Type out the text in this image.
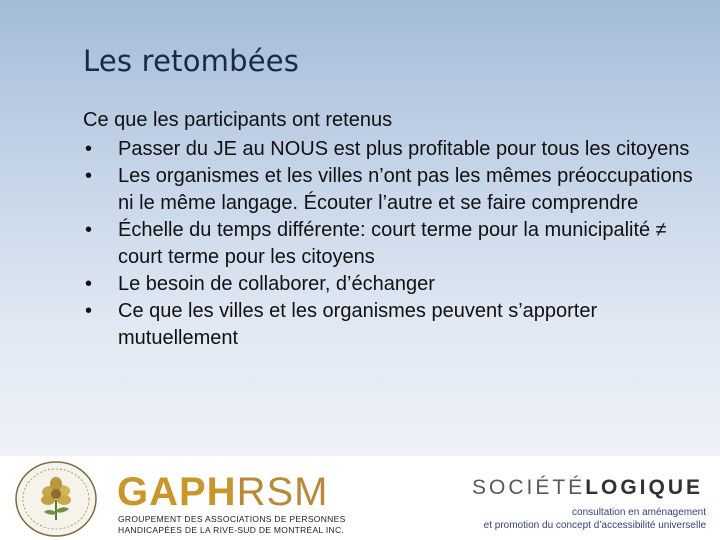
Les retombées
Ce que les participants ont retenus
• Passer du JE au NOUS est plus profitable pour tous les citoyens
• Les organismes et les villes n’ont pas les mêmes préoccupations ni le même langage. Écouter l’autre et se faire comprendre
• Échelle du temps différente: court terme pour la municipalité ≠ court terme pour les citoyens
• Le besoin de collaborer, d’échanger
• Ce que les villes et les organismes peuvent s’apporter mutuellement
GAPHRSM
GROUPEMENT DES ASSOCIATIONS DE PERSONNES
HANDICAPÉES DE LA RIVE-SUD DE MONTRÉAL INC.
SOCIÉTÉLOGIQUE
consultation en aménagement
et promotion du concept d’accessibilité universelle
